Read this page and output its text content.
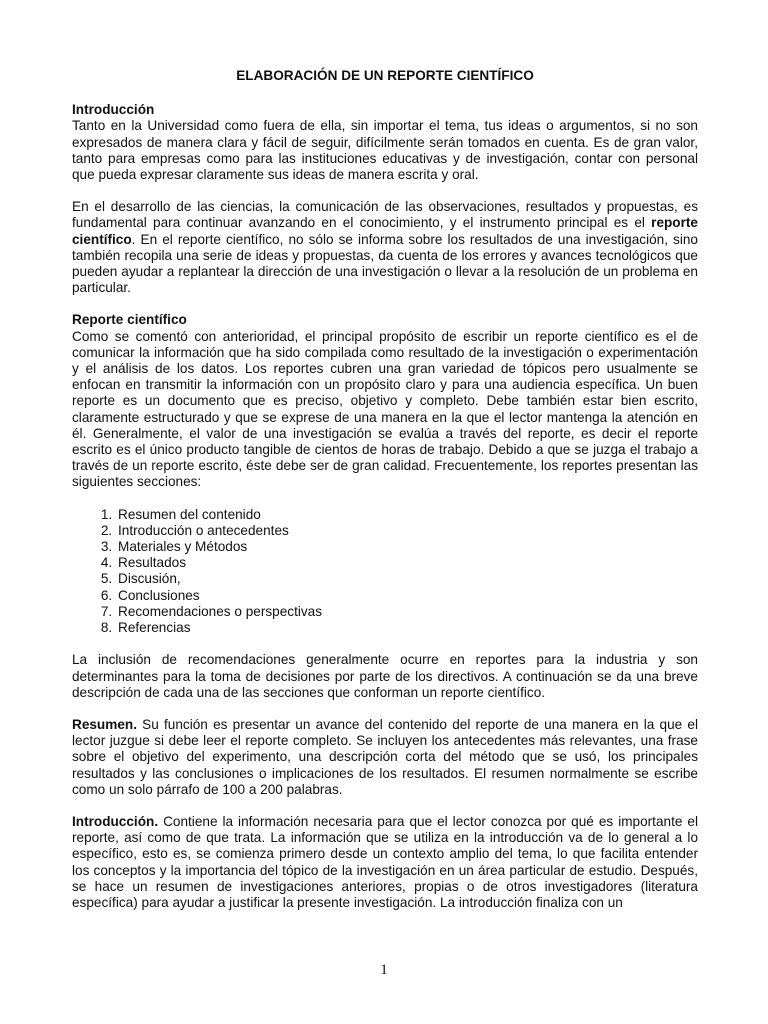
ELABORACIÓN DE UN REPORTE CIENTÍFICO
Introducción

Tanto en la Universidad como fuera de ella, sin importar el tema, tus ideas o argumentos, si no son expresados de manera clara y fácil de seguir, difícilmente serán tomados en cuenta. Es de gran valor, tanto para empresas como para las instituciones educativas y de investigación, contar con personal que pueda expresar claramente sus ideas de manera escrita y oral.

En el desarrollo de las ciencias, la comunicación de las observaciones, resultados y propuestas, es fundamental para continuar avanzando en el conocimiento, y el instrumento principal es el reporte científico. En el reporte científico, no sólo se informa sobre los resultados de una investigación, sino también recopila una serie de ideas y propuestas, da cuenta de los errores y avances tecnológicos que pueden ayudar a replantear la dirección de una investigación o llevar a la resolución de un problema en particular.

Reporte científico

Como se comentó con anterioridad, el principal propósito de escribir un reporte científico es el de comunicar la información que ha sido compilada como resultado de la investigación o experimentación y el análisis de los datos. Los reportes cubren una gran variedad de tópicos pero usualmente se enfocan en transmitir la información con un propósito claro y para una audiencia específica. Un buen reporte es un documento que es preciso, objetivo y completo. Debe también estar bien escrito, claramente estructurado y que se exprese de una manera en la que el lector mantenga la atención en él. Generalmente, el valor de una investigación se evalúa a través del reporte, es decir el reporte escrito es el único producto tangible de cientos de horas de trabajo. Debido a que se juzga el trabajo a través de un reporte escrito, éste debe ser de gran calidad. Frecuentemente, los reportes presentan las siguientes secciones:

1. Resumen del contenido
2. Introducción o antecedentes
3. Materiales y Métodos
4. Resultados
5. Discusión,
6. Conclusiones
7. Recomendaciones o perspectivas
8. Referencias

La inclusión de recomendaciones generalmente ocurre en reportes para la industria y son determinantes para la toma de decisiones por parte de los directivos. A continuación se da una breve descripción de cada una de las secciones que conforman un reporte científico.

Resumen. Su función es presentar un avance del contenido del reporte de una manera en la que el lector juzgue si debe leer el reporte completo. Se incluyen los antecedentes más relevantes, una frase sobre el objetivo del experimento, una descripción corta del método que se usó, los principales resultados y las conclusiones o implicaciones de los resultados. El resumen normalmente se escribe como un solo párrafo de 100 a 200 palabras.

Introducción. Contiene la información necesaria para que el lector conozca por qué es importante el reporte, así como de que trata. La información que se utiliza en la introducción va de lo general a lo específico, esto es, se comienza primero desde un contexto amplio del tema, lo que facilita entender los conceptos y la importancia del tópico de la investigación en un área particular de estudio. Después, se hace un resumen de investigaciones anteriores, propias o de otros investigadores (literatura específica) para ayudar a justificar la presente investigación. La introducción finaliza con un

1
